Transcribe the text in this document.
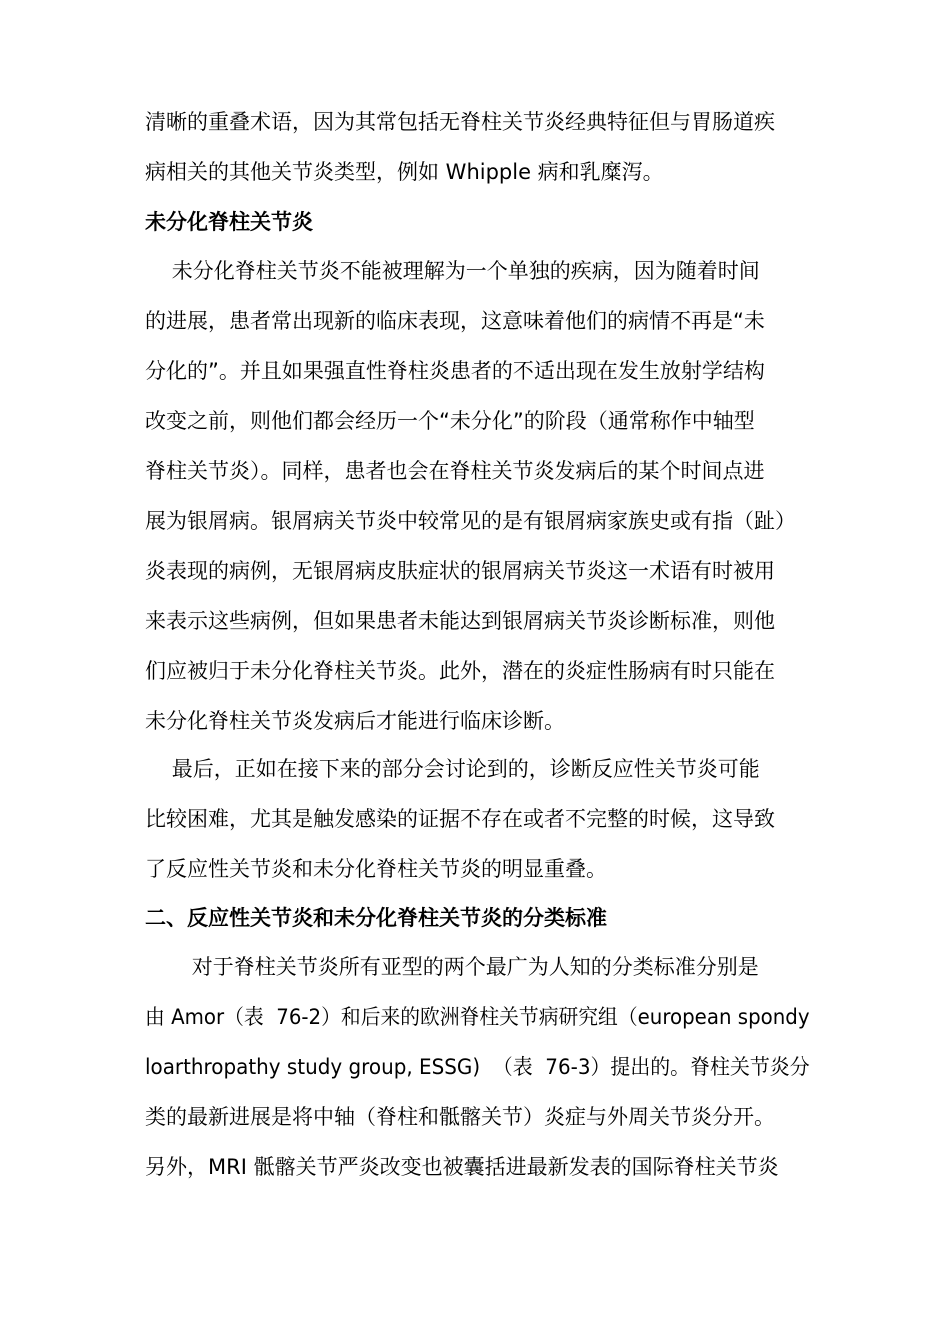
清晰的重叠术语，因为其常包括无脊柱关节炎经典特征但与胃肠道疾
病相关的其他关节炎类型，例如 Whipple 病和乳糜泻。
未分化脊柱关节炎
未分化脊柱关节炎不能被理解为一个单独的疾病，因为随着时间
的进展，患者常出现新的临床表现，这意味着他们的病情不再是“未
分化的”。并且如果强直性脊柱炎患者的不适出现在发生放射学结构
改变之前，则他们都会经历一个“未分化”的阶段（通常称作中轴型
脊柱关节炎）。同样，患者也会在脊柱关节炎发病后的某个时间点进
展为银屑病。银屑病关节炎中较常见的是有银屑病家族史或有指（趾）
炎表现的病例，无银屑病皮肤症状的银屑病关节炎这一术语有时被用
来表示这些病例，但如果患者未能达到银屑病关节炎诊断标准，则他
们应被归于未分化脊柱关节炎。此外，潜在的炎症性肠病有时只能在
未分化脊柱关节炎发病后才能进行临床诊断。
最后，正如在接下来的部分会讨论到的，诊断反应性关节炎可能
比较困难，尤其是触发感染的证据不存在或者不完整的时候，这导致
了反应性关节炎和未分化脊柱关节炎的明显重叠。
二、反应性关节炎和未分化脊柱关节炎的分类标准
对于脊柱关节炎所有亚型的两个最广为人知的分类标准分别是
由 Amor（表  76-2）和后来的欧洲脊柱关节病研究组（european spondy
loarthropathy study group, ESSG)  （表  76-3）提出的。脊柱关节炎分
类的最新进展是将中轴（脊柱和骶髂关节）炎症与外周关节炎分开。
另外，MRI 骶髂关节严炎改变也被囊括进最新发表的国际脊柱关节炎
